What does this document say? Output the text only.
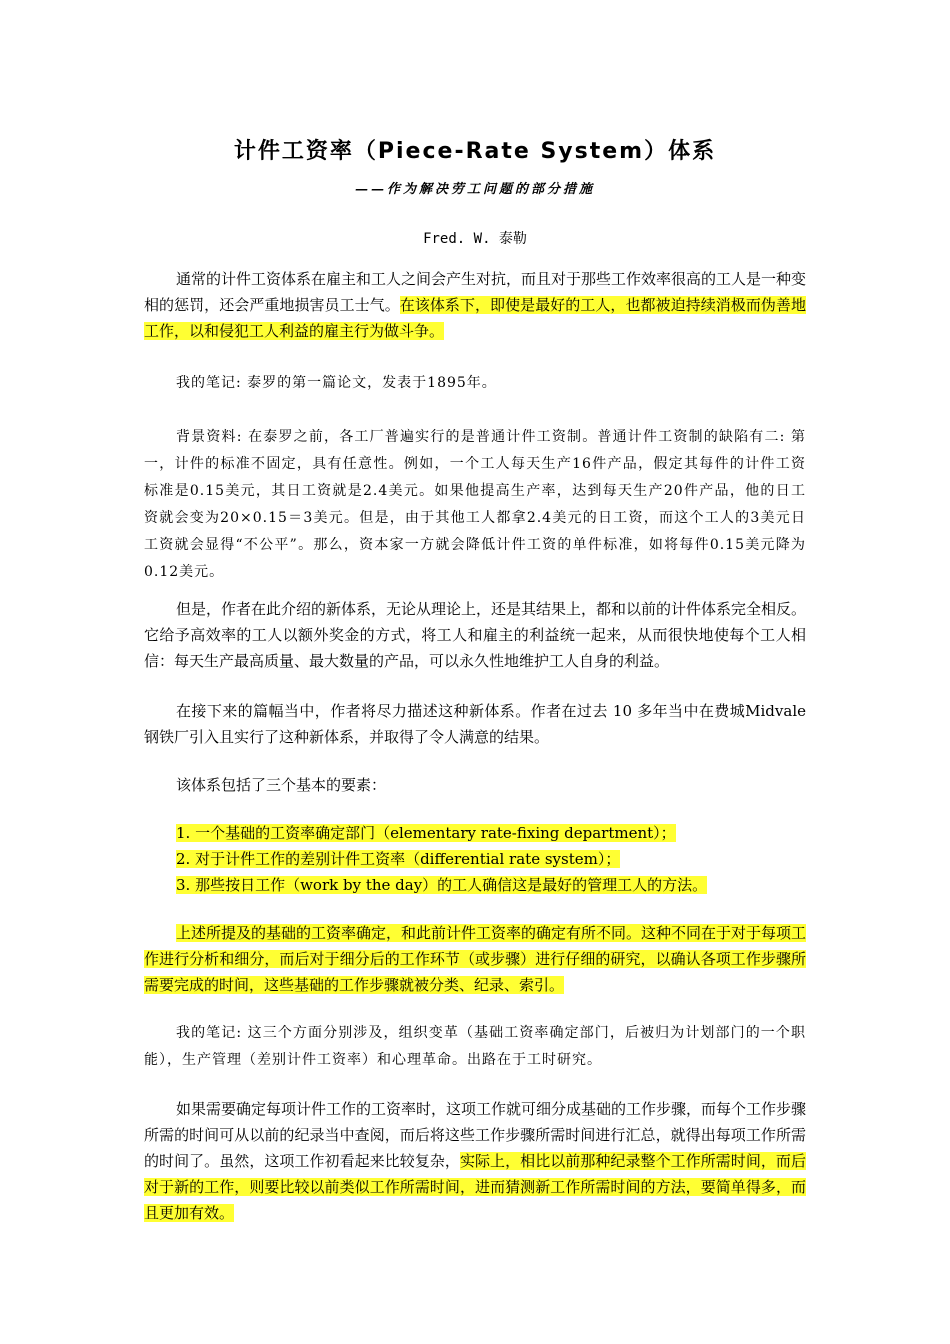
计件工资率（Piece-Rate System）体系

——作为解决劳工问题的部分措施

Fred. W. 泰勒

通常的计件工资体系在雇主和工人之间会产生对抗，而且对于那些工作效率很高的工人是一种变相的惩罚，还会严重地损害员工士气。在该体系下，即使是最好的工人，也都被迫持续消极而伪善地工作，以和侵犯工人利益的雇主行为做斗争。

我的笔记: 泰罗的第一篇论文，发表于1895年。

背景资料: 在泰罗之前，各工厂普遍实行的是普通计件工资制。普通计件工资制的缺陷有二: 第一，计件的标准不固定，具有任意性。例如，一个工人每天生产16件产品，假定其每件的计件工资标准是0.15美元，其日工资就是2.4美元。如果他提高生产率，达到每天生产20件产品，他的日工资就会变为20×0.15＝3美元。但是，由于其他工人都拿2.4美元的日工资，而这个工人的3美元日工资就会显得“不公平”。那么，资本家一方就会降低计件工资的单件标准，如将每件0.15美元降为0.12美元。

但是，作者在此介绍的新体系，无论从理论上，还是其结果上，都和以前的计件体系完全相反。它给予高效率的工人以额外奖金的方式，将工人和雇主的利益统一起来，从而很快地使每个工人相信：每天生产最高质量、最大数量的产品，可以永久性地维护工人自身的利益。

在接下来的篇幅当中，作者将尽力描述这种新体系。作者在过去 10 多年当中在费城Midvale 钢铁厂引入且实行了这种新体系，并取得了令人满意的结果。

该体系包括了三个基本的要素：

1. 一个基础的工资率确定部门（elementary rate-fixing department）；
2. 对于计件工作的差别计件工资率（differential rate system）；
3. 那些按日工作（work by the day）的工人确信这是最好的管理工人的方法。

上述所提及的基础的工资率确定，和此前计件工资率的确定有所不同。这种不同在于对于每项工作进行分析和细分，而后对于细分后的工作环节（或步骤）进行仔细的研究，以确认各项工作步骤所需要完成的时间，这些基础的工作步骤就被分类、纪录、索引。

我的笔记: 这三个方面分别涉及，组织变革（基础工资率确定部门，后被归为计划部门的一个职能），生产管理（差别计件工资率）和心理革命。出路在于工时研究。

如果需要确定每项计件工作的工资率时，这项工作就可细分成基础的工作步骤，而每个工作步骤所需的时间可从以前的纪录当中查阅，而后将这些工作步骤所需时间进行汇总，就得出每项工作所需的时间了。虽然，这项工作初看起来比较复杂，实际上，相比以前那种纪录整个工作所需时间，而后对于新的工作，则要比较以前类似工作所需时间，进而猜测新工作所需时间的方法，要简单得多，而且更加有效。
